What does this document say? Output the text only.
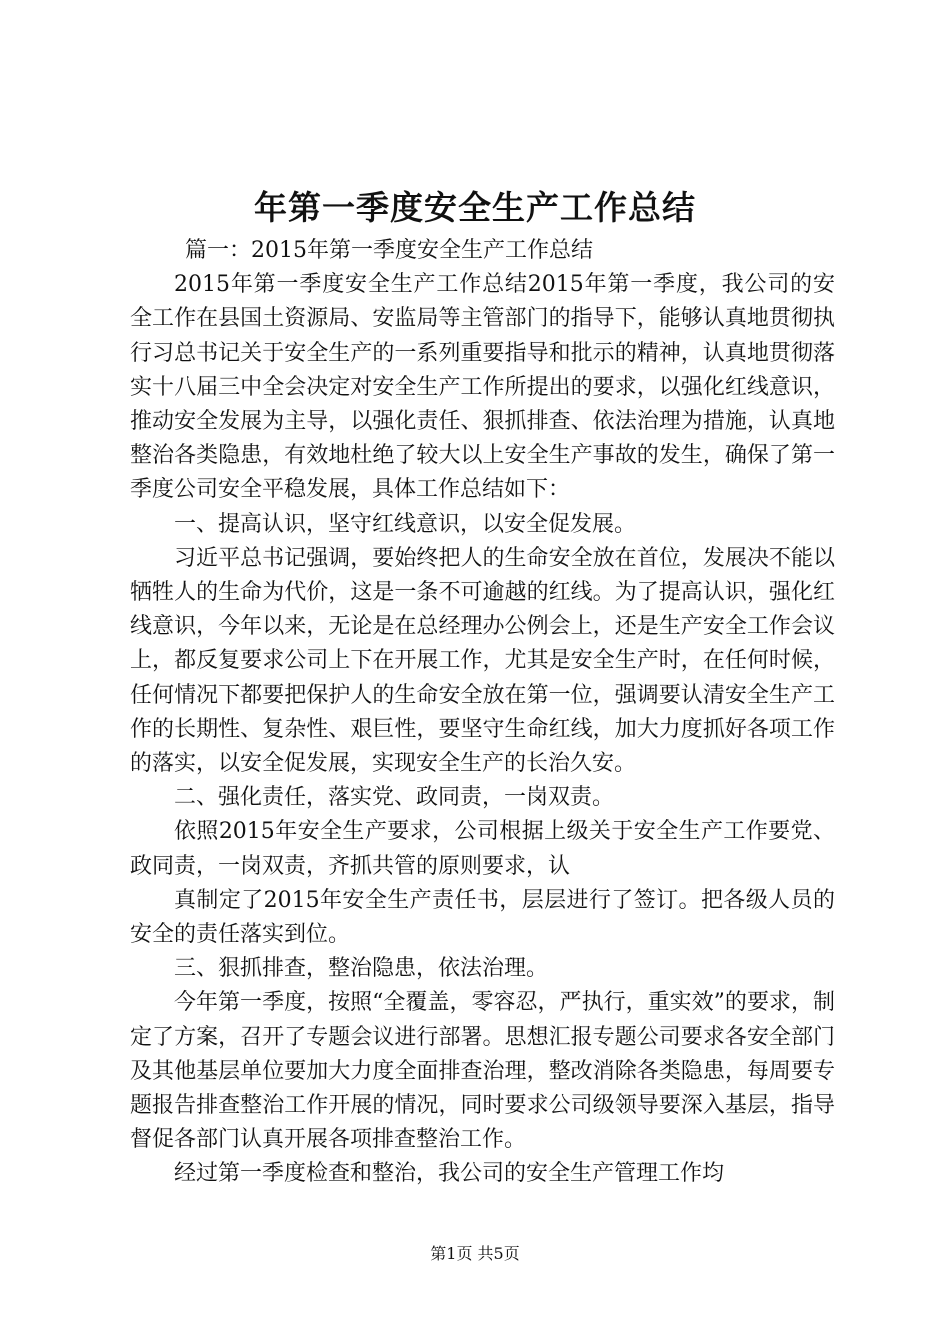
年第一季度安全生产工作总结

篇一：2015年第一季度安全生产工作总结

2015年第一季度安全生产工作总结2015年第一季度，我公司的安全工作在县国土资源局、安监局等主管部门的指导下，能够认真地贯彻执行习总书记关于安全生产的一系列重要指导和批示的精神，认真地贯彻落实十八届三中全会决定对安全生产工作所提出的要求，以强化红线意识，推动安全发展为主导，以强化责任、狠抓排查、依法治理为措施，认真地整治各类隐患，有效地杜绝了较大以上安全生产事故的发生，确保了第一季度公司安全平稳发展，具体工作总结如下：

一、提高认识，坚守红线意识，以安全促发展。

习近平总书记强调，要始终把人的生命安全放在首位，发展决不能以牺牲人的生命为代价，这是一条不可逾越的红线。为了提高认识，强化红线意识，今年以来，无论是在总经理办公例会上，还是生产安全工作会议上，都反复要求公司上下在开展工作，尤其是安全生产时，在任何时候，任何情况下都要把保护人的生命安全放在第一位，强调要认清安全生产工作的长期性、复杂性、艰巨性，要坚守生命红线，加大力度抓好各项工作的落实，以安全促发展，实现安全生产的长治久安。

二、强化责任，落实党、政同责，一岗双责。

依照2015年安全生产要求，公司根据上级关于安全生产工作要党、政同责，一岗双责，齐抓共管的原则要求，认

真制定了2015年安全生产责任书，层层进行了签订。把各级人员的安全的责任落实到位。

三、狠抓排查，整治隐患，依法治理。

今年第一季度，按照“全覆盖，零容忍，严执行，重实效”的要求，制定了方案，召开了专题会议进行部署。思想汇报专题公司要求各安全部门及其他基层单位要加大力度全面排查治理，整改消除各类隐患，每周要专题报告排查整治工作开展的情况，同时要求公司级领导要深入基层，指导督促各部门认真开展各项排查整治工作。

经过第一季度检查和整治，我公司的安全生产管理工作均

第1页 共5页
